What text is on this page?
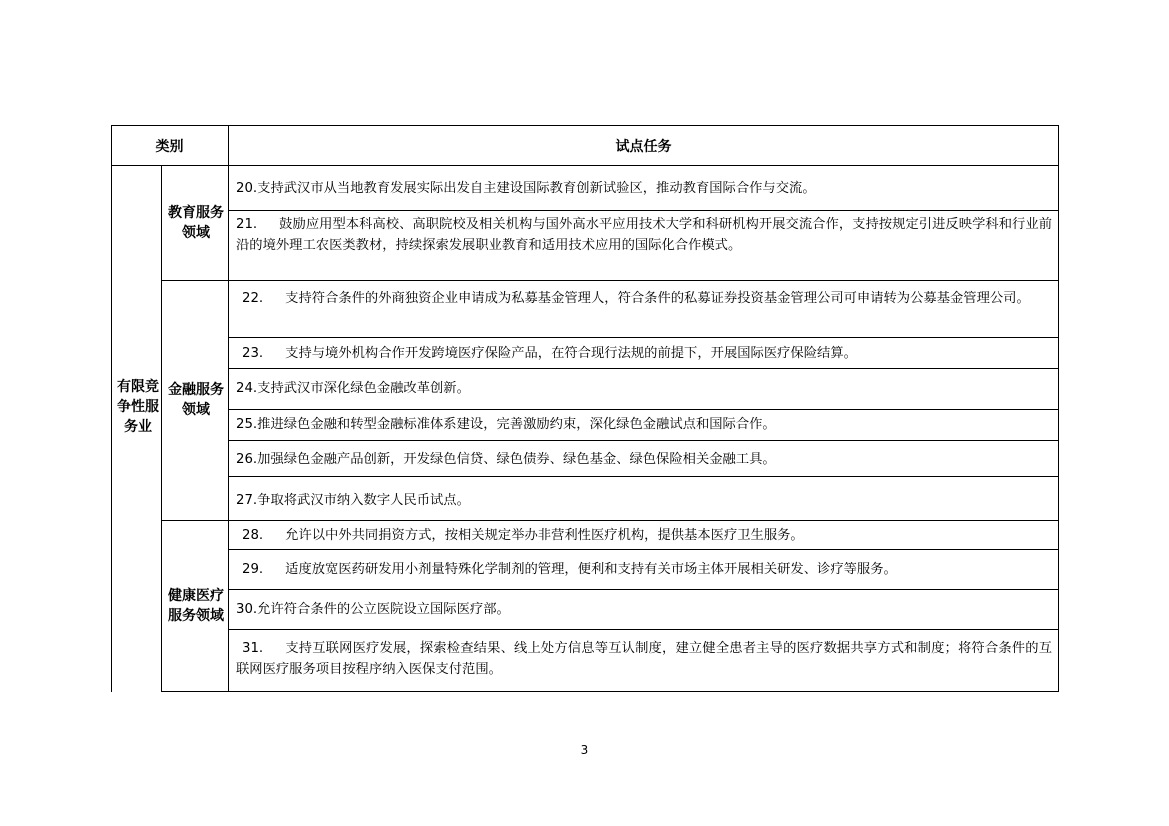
类别	试点任务
有限竞争性服务业
教育服务领域
金融服务领域
健康医疗服务领域
20.支持武汉市从当地教育发展实际出发自主建设国际教育创新试验区，推动教育国际合作与交流。
21. 鼓励应用型本科高校、高职院校及相关机构与国外高水平应用技术大学和科研机构开展交流合作，支持按规定引进反映学科和行业前沿的境外理工农医类教材，持续探索发展职业教育和适用技术应用的国际化合作模式。
22. 支持符合条件的外商独资企业申请成为私募基金管理人，符合条件的私募证券投资基金管理公司可申请转为公募基金管理公司。
23. 支持与境外机构合作开发跨境医疗保险产品，在符合现行法规的前提下，开展国际医疗保险结算。
24.支持武汉市深化绿色金融改革创新。
25.推进绿色金融和转型金融标准体系建设，完善激励约束，深化绿色金融试点和国际合作。
26.加强绿色金融产品创新，开发绿色信贷、绿色债券、绿色基金、绿色保险相关金融工具。
27.争取将武汉市纳入数字人民币试点。
28. 允许以中外共同捐资方式，按相关规定举办非营利性医疗机构，提供基本医疗卫生服务。
29. 适度放宽医药研发用小剂量特殊化学制剂的管理，便利和支持有关市场主体开展相关研发、诊疗等服务。
30.允许符合条件的公立医院设立国际医疗部。
31. 支持互联网医疗发展，探索检查结果、线上处方信息等互认制度，建立健全患者主导的医疗数据共享方式和制度；将符合条件的互联网医疗服务项目按程序纳入医保支付范围。
3
